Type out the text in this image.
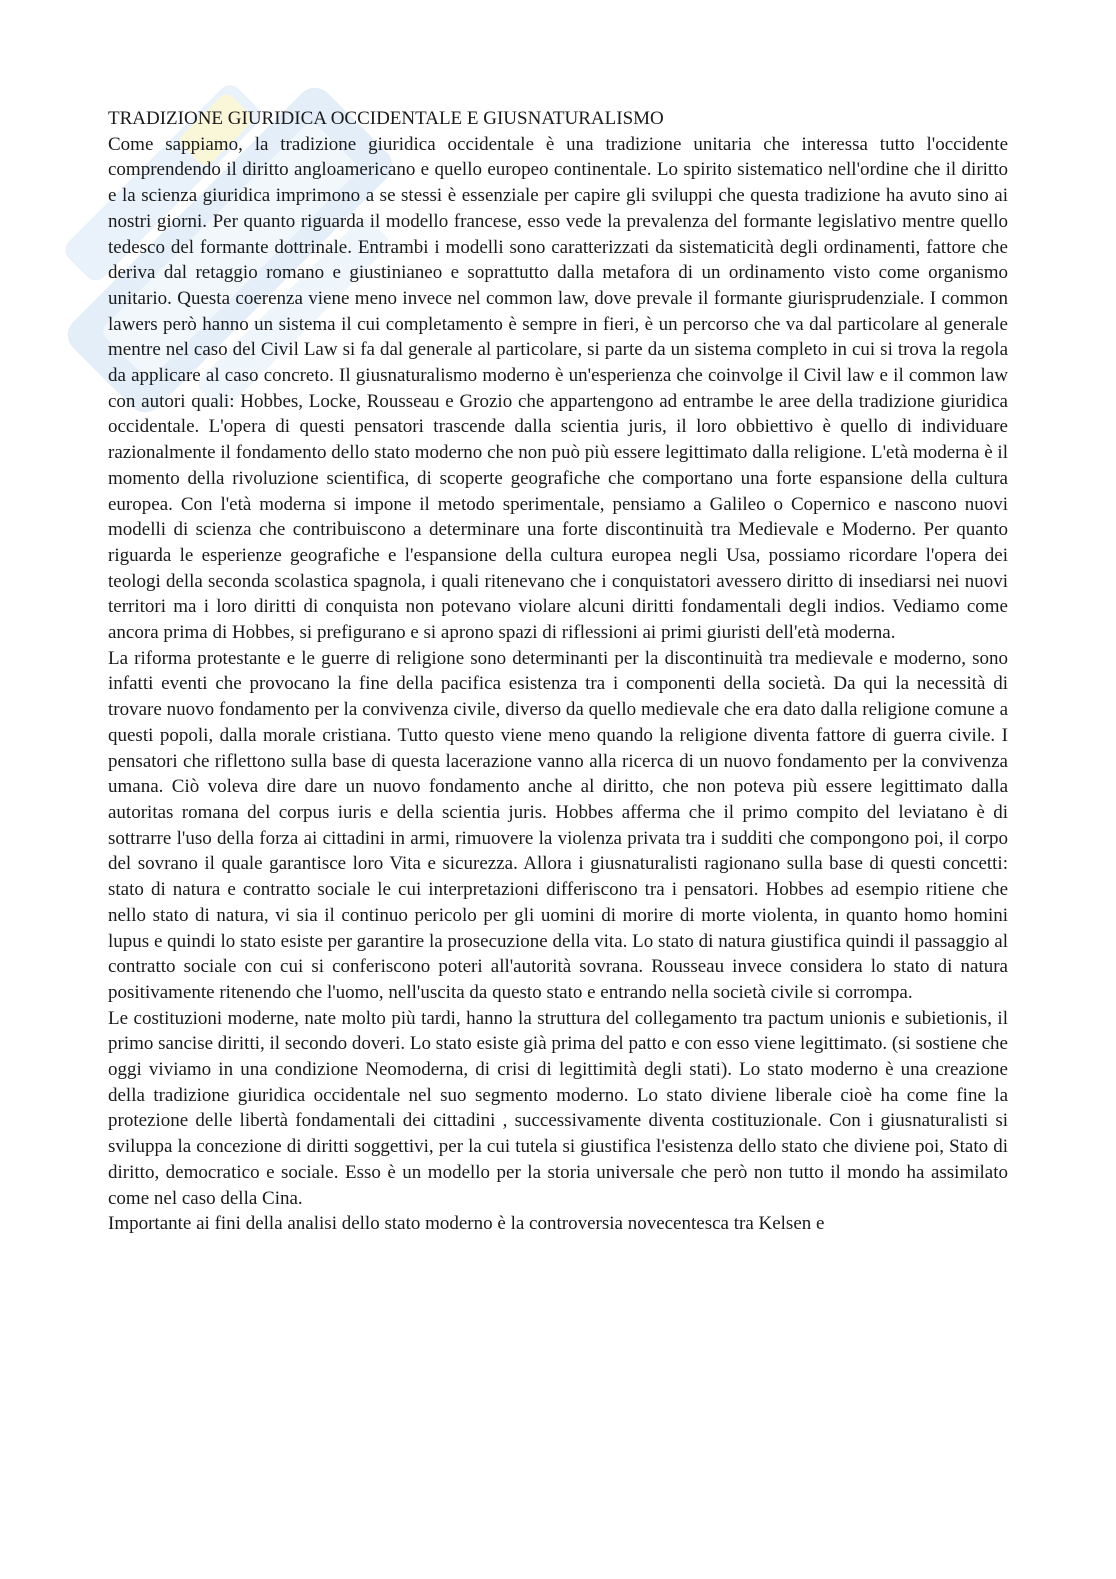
TRADIZIONE GIURIDICA OCCIDENTALE E GIUSNATURALISMO

Come sappiamo, la tradizione giuridica occidentale è una tradizione unitaria che interessa tutto l'occidente comprendendo il diritto angloamericano e quello europeo continentale. Lo spirito sistematico nell'ordine che il diritto e la scienza giuridica imprimono a se stessi è essenziale per capire gli sviluppi che questa tradizione ha avuto sino ai nostri giorni. Per quanto riguarda il modello francese, esso vede la prevalenza del formante legislativo mentre quello tedesco del formante dottrinale. Entrambi i modelli sono caratterizzati da sistematicità degli ordinamenti, fattore che deriva dal retaggio romano e giustinianeo e soprattutto dalla metafora di un ordinamento visto come organismo unitario. Questa coerenza viene meno invece nel common law, dove prevale il formante giurisprudenziale. I common lawers però hanno un sistema il cui completamento è sempre in fieri, è un percorso che va dal particolare al generale mentre nel caso del Civil Law si fa dal generale al particolare, si parte da un sistema completo in cui si trova la regola da applicare al caso concreto. Il giusnaturalismo moderno è un'esperienza che coinvolge il Civil law e il common law con autori quali: Hobbes, Locke, Rousseau e Grozio che appartengono ad entrambe le aree della tradizione giuridica occidentale. L'opera di questi pensatori trascende dalla scientia juris, il loro obbiettivo è quello di individuare razionalmente il fondamento dello stato moderno che non può più essere legittimato dalla religione. L'età moderna è il momento della rivoluzione scientifica, di scoperte geografiche che comportano una forte espansione della cultura europea. Con l'età moderna si impone il metodo sperimentale, pensiamo a Galileo o Copernico e nascono nuovi modelli di scienza che contribuiscono a determinare una forte discontinuità tra Medievale e Moderno. Per quanto riguarda le esperienze geografiche e l'espansione della cultura europea negli Usa, possiamo ricordare l'opera dei teologi della seconda scolastica spagnola, i quali ritenevano che i conquistatori avessero diritto di insediarsi nei nuovi territori ma i loro diritti di conquista non potevano violare alcuni diritti fondamentali degli indios. Vediamo come ancora prima di Hobbes, si prefigurano e si aprono spazi di riflessioni ai primi giuristi dell'età moderna.

La riforma protestante e le guerre di religione sono determinanti per la discontinuità tra medievale e moderno, sono infatti eventi che provocano la fine della pacifica esistenza tra i componenti della società. Da qui la necessità di trovare nuovo fondamento per la convivenza civile, diverso da quello medievale che era dato dalla religione comune a questi popoli, dalla morale cristiana. Tutto questo viene meno quando la religione diventa fattore di guerra civile. I pensatori che riflettono sulla base di questa lacerazione vanno alla ricerca di un nuovo fondamento per la convivenza umana. Ciò voleva dire dare un nuovo fondamento anche al diritto, che non poteva più essere legittimato dalla autoritas romana del corpus iuris e della scientia juris. Hobbes afferma che il primo compito del leviatano è di sottrarre l'uso della forza ai cittadini in armi, rimuovere la violenza privata tra i sudditi che compongono poi, il corpo del sovrano il quale garantisce loro Vita e sicurezza. Allora i giusnaturalisti ragionano sulla base di questi concetti: stato di natura e contratto sociale le cui interpretazioni differiscono tra i pensatori. Hobbes ad esempio ritiene che nello stato di natura, vi sia il continuo pericolo per gli uomini di morire di morte violenta, in quanto homo homini lupus e quindi lo stato esiste per garantire la prosecuzione della vita. Lo stato di natura giustifica quindi il passaggio al contratto sociale con cui si conferiscono poteri all'autorità sovrana. Rousseau invece considera lo stato di natura positivamente ritenendo che l'uomo, nell'uscita da questo stato e entrando nella società civile si corrompa.

Le costituzioni moderne, nate molto più tardi, hanno la struttura del collegamento tra pactum unionis e subietionis, il primo sancise diritti, il secondo doveri. Lo stato esiste già prima del patto e con esso viene legittimato. (si sostiene che oggi viviamo in una condizione Neomoderna, di crisi di legittimità degli stati). Lo stato moderno è una creazione della tradizione giuridica occidentale nel suo segmento moderno. Lo stato diviene liberale cioè ha come fine la protezione delle libertà fondamentali dei cittadini , successivamente diventa costituzionale. Con i giusnaturalisti si sviluppa la concezione di diritti soggettivi, per la cui tutela si giustifica l'esistenza dello stato che diviene poi, Stato di diritto, democratico e sociale. Esso è un modello per la storia universale che però non tutto il mondo ha assimilato come nel caso della Cina.

Importante ai fini della analisi dello stato moderno è la controversia novecentesca tra Kelsen e
